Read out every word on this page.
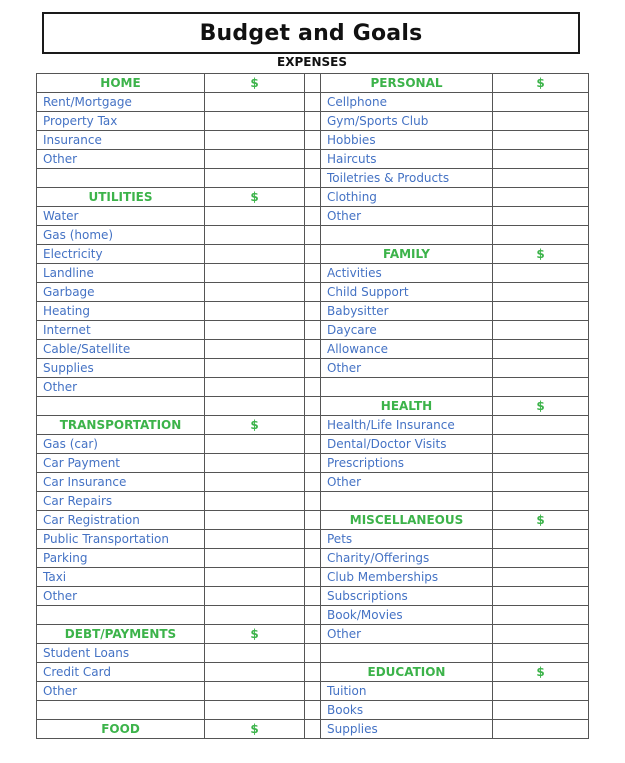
Budget and Goals
EXPENSES
HOME	$		PERSONAL	$
Rent/Mortgage			Cellphone	
Property Tax			Gym/Sports Club	
Insurance			Hobbies	
Other			Haircuts	
			Toiletries & Products	
UTILITIES	$		Clothing	
Water			Other	
Gas (home)				
Electricity			FAMILY	$
Landline			Activities	
Garbage			Child Support	
Heating			Babysitter	
Internet			Daycare	
Cable/Satellite			Allowance	
Supplies			Other	
Other				
			HEALTH	$
TRANSPORTATION	$		Health/Life Insurance	
Gas (car)			Dental/Doctor Visits	
Car Payment			Prescriptions	
Car Insurance			Other	
Car Repairs				
Car Registration			MISCELLANEOUS	$
Public Transportation			Pets	
Parking			Charity/Offerings	
Taxi			Club Memberships	
Other			Subscriptions	
			Book/Movies	
DEBT/PAYMENTS	$		Other	
Student Loans				
Credit Card			EDUCATION	$
Other			Tuition	
			Books	
FOOD	$		Supplies	
